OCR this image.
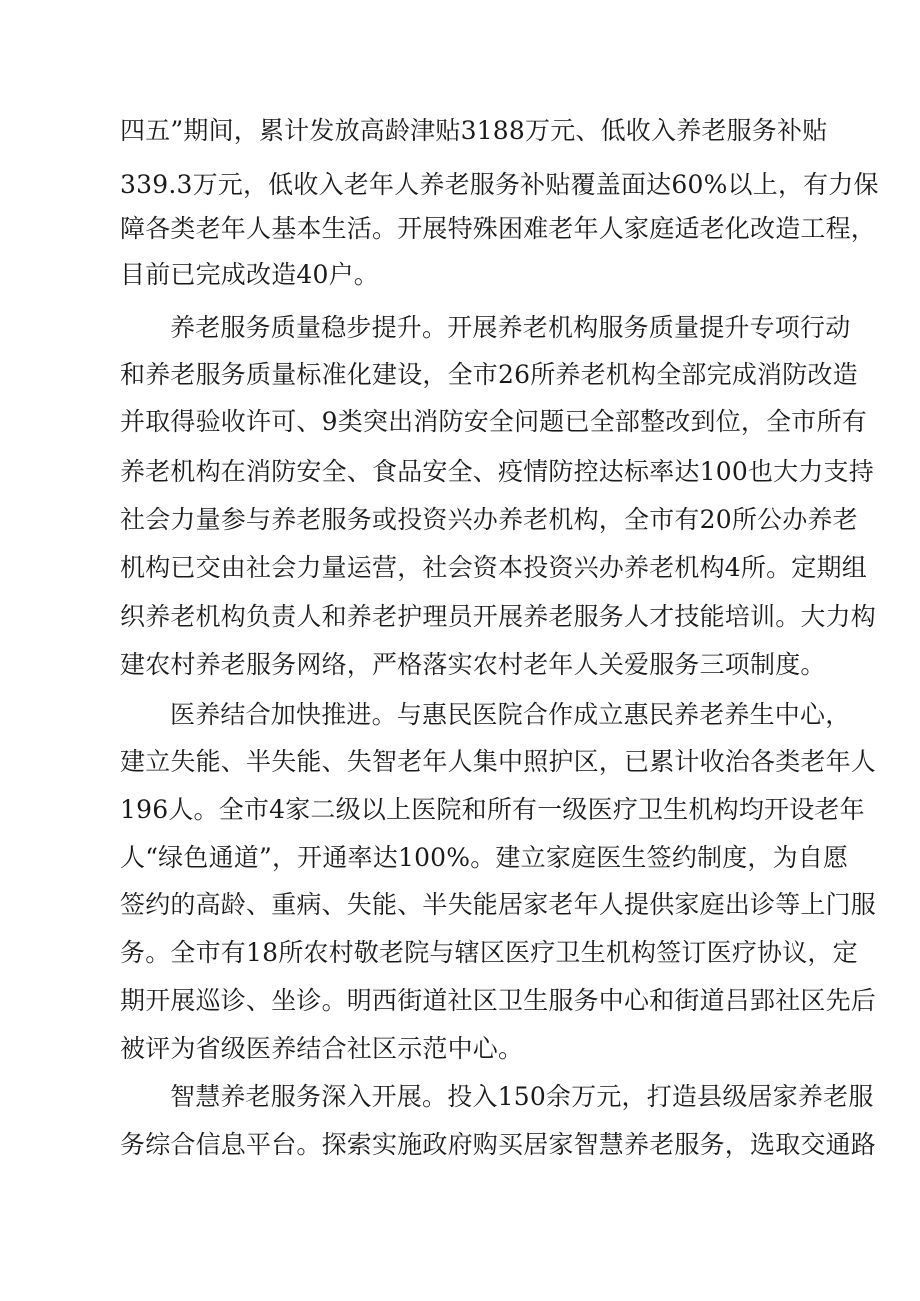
四五”期间，累计发放高龄津贴3188万元、低收入养老服务补贴
339.3万元，低收入老年人养老服务补贴覆盖面达60%以上，有力保
障各类老年人基本生活。开展特殊困难老年人家庭适老化改造工程，
目前已完成改造40户。
养老服务质量稳步提升。开展养老机构服务质量提升专项行动
和养老服务质量标准化建设，全市26所养老机构全部完成消防改造
并取得验收许可、9类突出消防安全问题已全部整改到位，全市所有
养老机构在消防安全、食品安全、疫情防控达标率达100也大力支持
社会力量参与养老服务或投资兴办养老机构，全市有20所公办养老
机构已交由社会力量运营，社会资本投资兴办养老机构4所。定期组
织养老机构负责人和养老护理员开展养老服务人才技能培训。大力构
建农村养老服务网络，严格落实农村老年人关爱服务三项制度。
医养结合加快推进。与惠民医院合作成立惠民养老养生中心，
建立失能、半失能、失智老年人集中照护区，已累计收治各类老年人
196人。全市4家二级以上医院和所有一级医疗卫生机构均开设老年
人“绿色通道”，开通率达100%。建立家庭医生签约制度，为自愿
签约的高龄、重病、失能、半失能居家老年人提供家庭出诊等上门服
务。全市有18所农村敬老院与辖区医疗卫生机构签订医疗协议，定
期开展巡诊、坐诊。明西街道社区卫生服务中心和街道吕郢社区先后
被评为省级医养结合社区示范中心。
智慧养老服务深入开展。投入150余万元，打造县级居家养老服
务综合信息平台。探索实施政府购买居家智慧养老服务，选取交通路
